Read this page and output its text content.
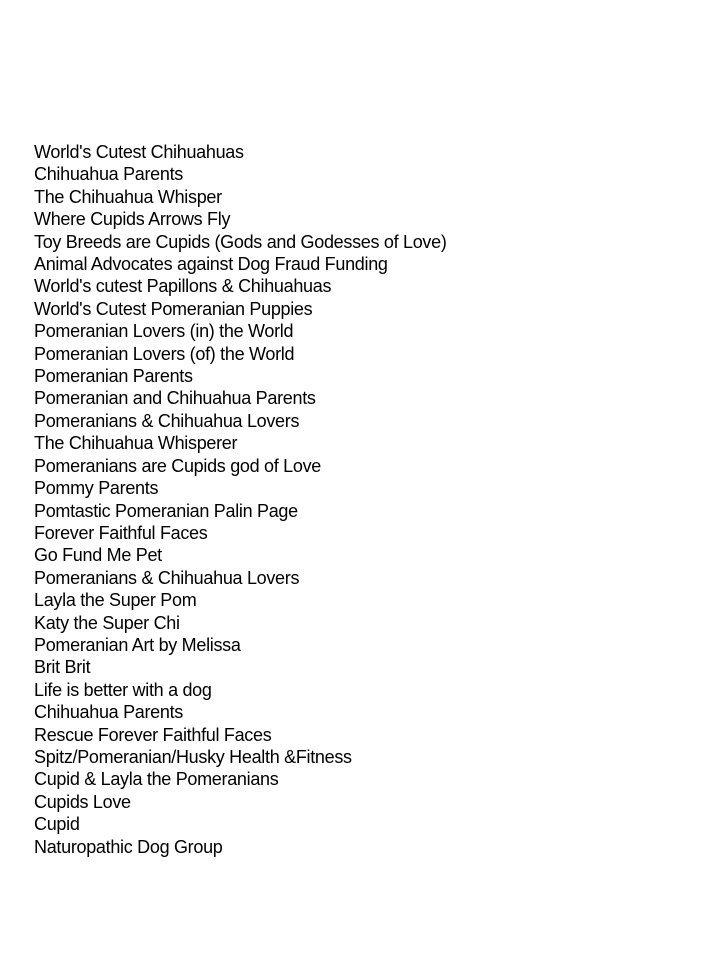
World's Cutest Chihuahuas
Chihuahua Parents
The Chihuahua Whisper
Where Cupids Arrows Fly
Toy Breeds are Cupids (Gods and Godesses of Love)
Animal Advocates against Dog Fraud Funding
World's cutest Papillons & Chihuahuas
World's Cutest Pomeranian Puppies
Pomeranian Lovers (in) the World
Pomeranian Lovers (of) the World
Pomeranian Parents
Pomeranian and Chihuahua Parents
Pomeranians & Chihuahua Lovers
The Chihuahua Whisperer
Pomeranians are Cupids god of Love
Pommy Parents
Pomtastic Pomeranian Palin Page
Forever Faithful Faces
Go Fund Me Pet
Pomeranians & Chihuahua Lovers
Layla the Super Pom
Katy the Super Chi
Pomeranian Art by Melissa
Brit Brit
Life is better with a dog
Chihuahua Parents
Rescue Forever Faithful Faces
Spitz/Pomeranian/Husky Health &Fitness
Cupid & Layla the Pomeranians
Cupids Love
Cupid
Naturopathic Dog Group
